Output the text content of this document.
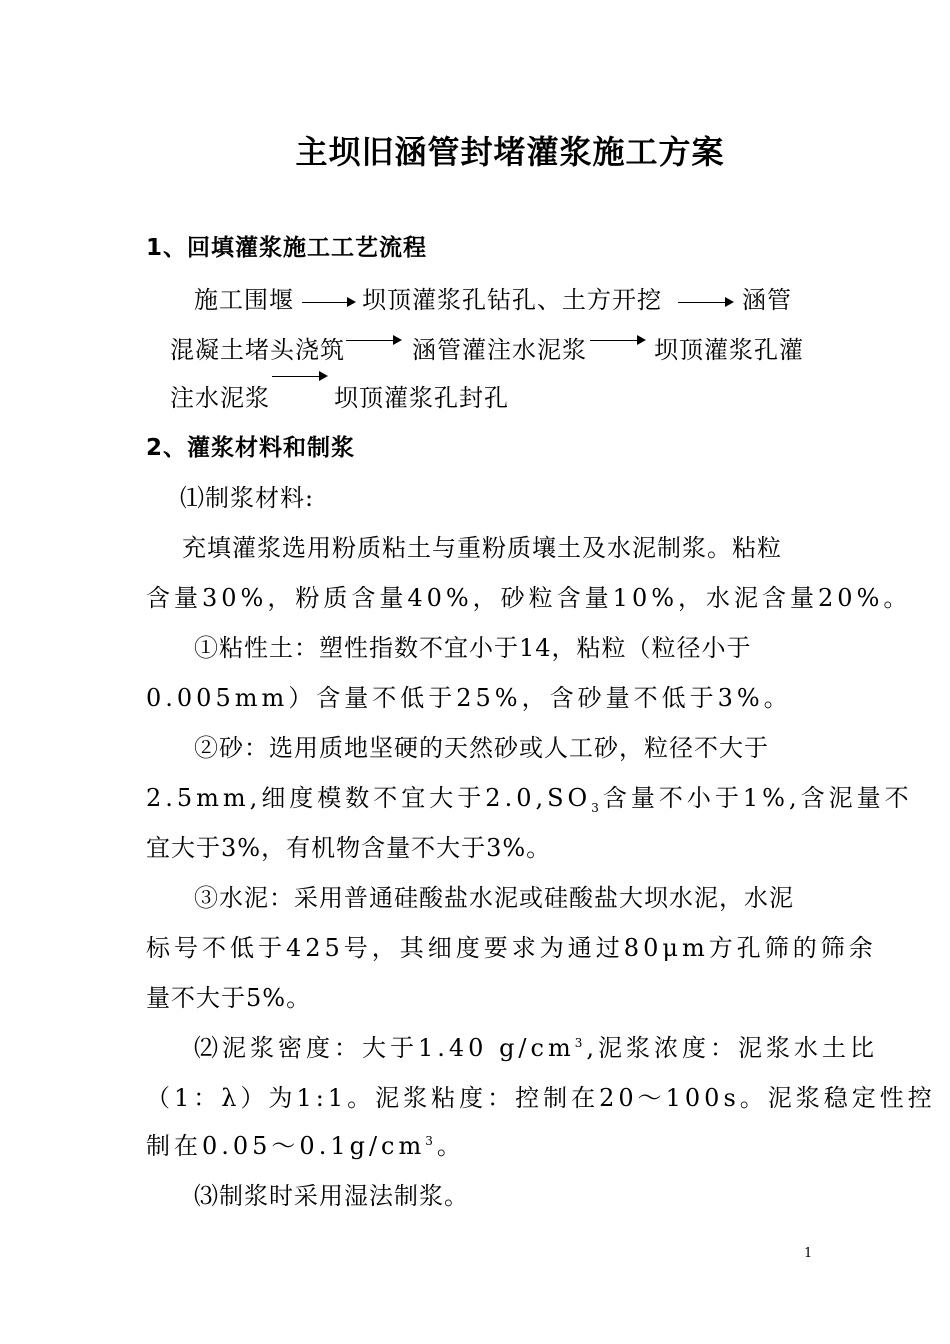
主坝旧涵管封堵灌浆施工方案
1、回填灌浆施工工艺流程
施工围堰	坝顶灌浆孔钻孔、土方开挖	涵管
混凝土堵头浇筑	涵管灌注水泥浆	坝顶灌浆孔灌
注水泥浆	坝顶灌浆孔封孔
2、灌浆材料和制浆
⑴制浆材料:
充填灌浆选用粉质粘土与重粉质壤土及水泥制浆。粘粒
含量30%，粉质含量40%，砂粒含量10%，水泥含量20%。
①粘性土：塑性指数不宜小于14，粘粒（粒径小于
0.005mm）含量不低于25%，含砂量不低于3%。
②砂：选用质地坚硬的天然砂或人工砂，粒径不大于
2.5mm,细度模数不宜大于$2.0,SO_3$含量不小于1%,含泥量不
宜大于3%，有机物含量不大于3%。
③水泥：采用普通硅酸盐水泥或硅酸盐大坝水泥，水泥
标号不低于425号，其细度要求为通过80μm方孔筛的筛余
量不大于5%。
⑵泥浆密度：大于1.40 $g/cm^3$,泥浆浓度：泥浆水土比
（1：λ）为1:1。泥浆粘度：控制在20～100s。泥浆稳定性控
制在$0.05\sim 0.1g/cm^3$。
⑶制浆时采用湿法制浆。
1
